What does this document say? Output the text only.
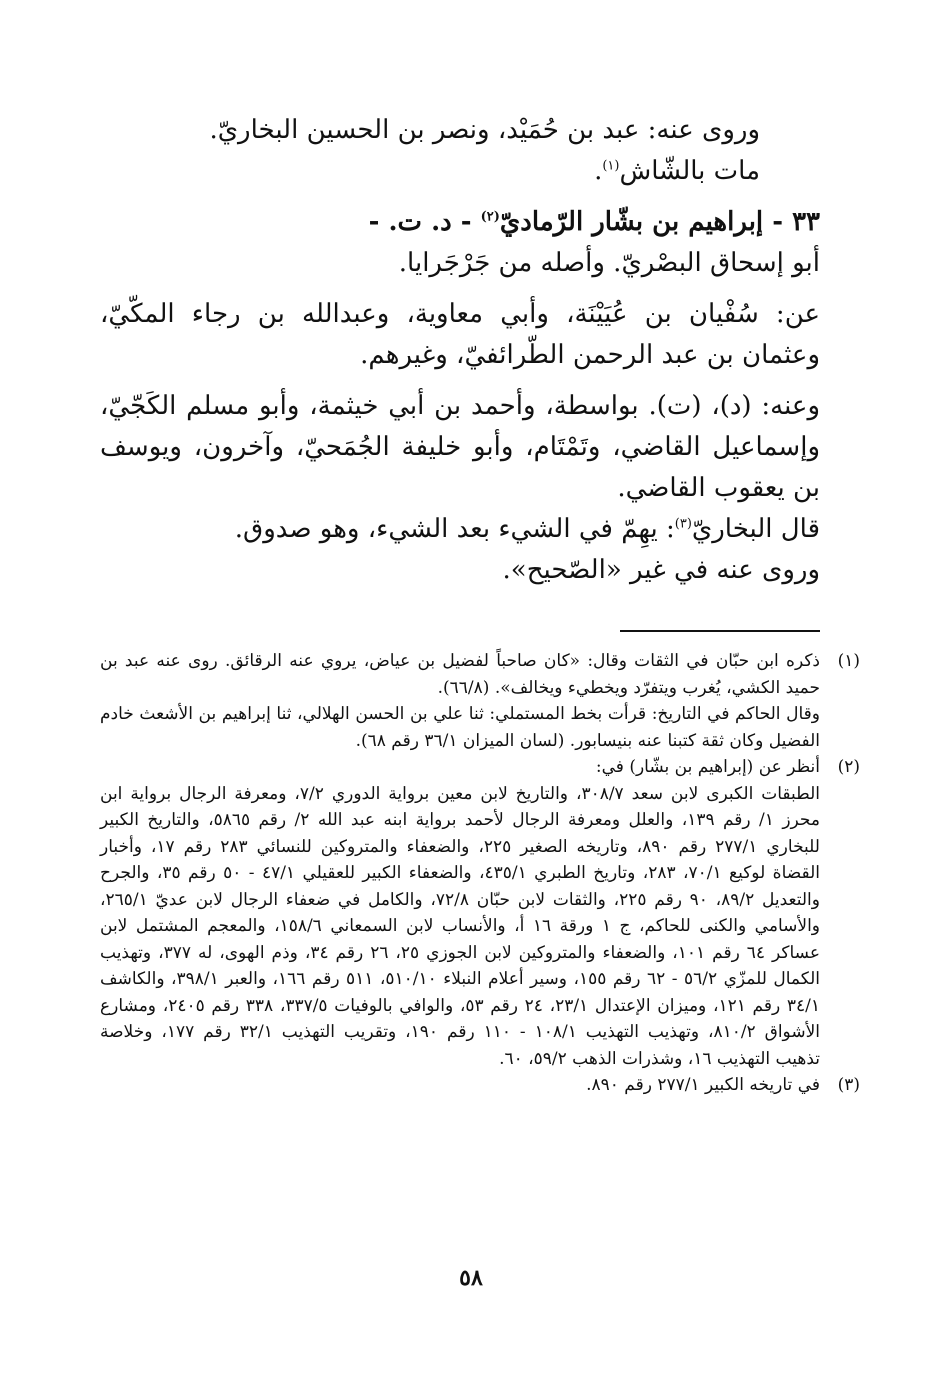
وروى عنه: عبد بن حُمَيْد، ونصر بن الحسين البخاريّ.

مات بالشّاش$^{(١)}$.

٣٣ - إبراهيم بن بشّار الرّماديّ$^{(٢)}$ - د. ت. -

أبو إسحاق البصْريّ. وأصله من جَرْجَرايا.

عن: سُفْيان بن عُيَيْنَة، وأبي معاوية، وعبدالله بن رجاء المكّيّ، وعثمان بن عبد الرحمن الطّرائفيّ، وغيرهم.

وعنه: (د)، (ت). بواسطة، وأحمد بن أبي خيثمة، وأبو مسلم الكَجّيّ، وإسماعيل القاضي، وتَمْتَام، وأبو خليفة الجُمَحيّ، وآخرون، ويوسف بن يعقوب القاضي.

قال البخاريّ$^{(٣)}$: يهِمّ في الشيء بعد الشيء، وهو صدوق.

وروى عنه في غير «الصّحيح».

(١)

ذكره ابن حبّان في الثقات وقال: «كان صاحباً لفضيل بن عياض، يروي عنه الرقائق. روى عنه عبد بن حميد الكشي، يُغرب ويتفرّد ويخطيء ويخالف». (٦٦/٨).

وقال الحاكم في التاريخ: قرأت بخط المستملي: ثنا علي بن الحسن الهلالي، ثنا إبراهيم بن الأشعث خادم الفضيل وكان ثقة كتبنا عنه بنيسابور. (لسان الميزان ٣٦/١ رقم ٦٨).

(٢)

أنظر عن (إبراهيم بن بشّار) في:

الطبقات الكبرى لابن سعد ٣٠٨/٧، والتاريخ لابن معين برواية الدوري ٧/٢، ومعرفة الرجال برواية ابن محرز ١/ رقم ١٣٩، والعلل ومعرفة الرجال لأحمد برواية ابنه عبد الله ٢/ رقم ٥٨٦٥، والتاريخ الكبير للبخاري ٢٧٧/١ رقم ٨٩٠، وتاريخه الصغير ٢٢٥، والضعفاء والمتروكين للنسائي ٢٨٣ رقم ١٧، وأخبار القضاة لوكيع ٧٠/١، ٢٨٣، وتاريخ الطبري ٤٣٥/١، والضعفاء الكبير للعقيلي ٤٧/١ - ٥٠ رقم ٣٥، والجرح والتعديل ٨٩/٢، ٩٠ رقم ٢٢٥، والثقات لابن حبّان ٧٢/٨، والكامل في ضعفاء الرجال لابن عديّ ٢٦٥/١، والأسامي والكنى للحاكم، ج ١ ورقة ١٦ أ، والأنساب لابن السمعاني ١٥٨/٦، والمعجم المشتمل لابن عساكر ٦٤ رقم ١٠١، والضعفاء والمتروكين لابن الجوزي ٢٥، ٢٦ رقم ٣٤، وذم الهوى، له ٣٧٧، وتهذيب الكمال للمزّي ٥٦/٢ - ٦٢ رقم ١٥٥، وسير أعلام النبلاء ٥١٠/١٠، ٥١١ رقم ١٦٦، والعبر ٣٩٨/١، والكاشف ٣٤/١ رقم ١٢١، وميزان الإعتدال ٢٣/١، ٢٤ رقم ٥٣، والوافي بالوفيات ٣٣٧/٥، ٣٣٨ رقم ٢٤٠٥، ومشارع الأشواق ٨١٠/٢، وتهذيب التهذيب ١٠٨/١ - ١١٠ رقم ١٩٠، وتقريب التهذيب ٣٢/١ رقم ١٧٧، وخلاصة تذهيب التهذيب ١٦، وشذرات الذهب ٥٩/٢، ٦٠.

(٣)

في تاريخه الكبير ٢٧٧/١ رقم ٨٩٠.

٥٨
